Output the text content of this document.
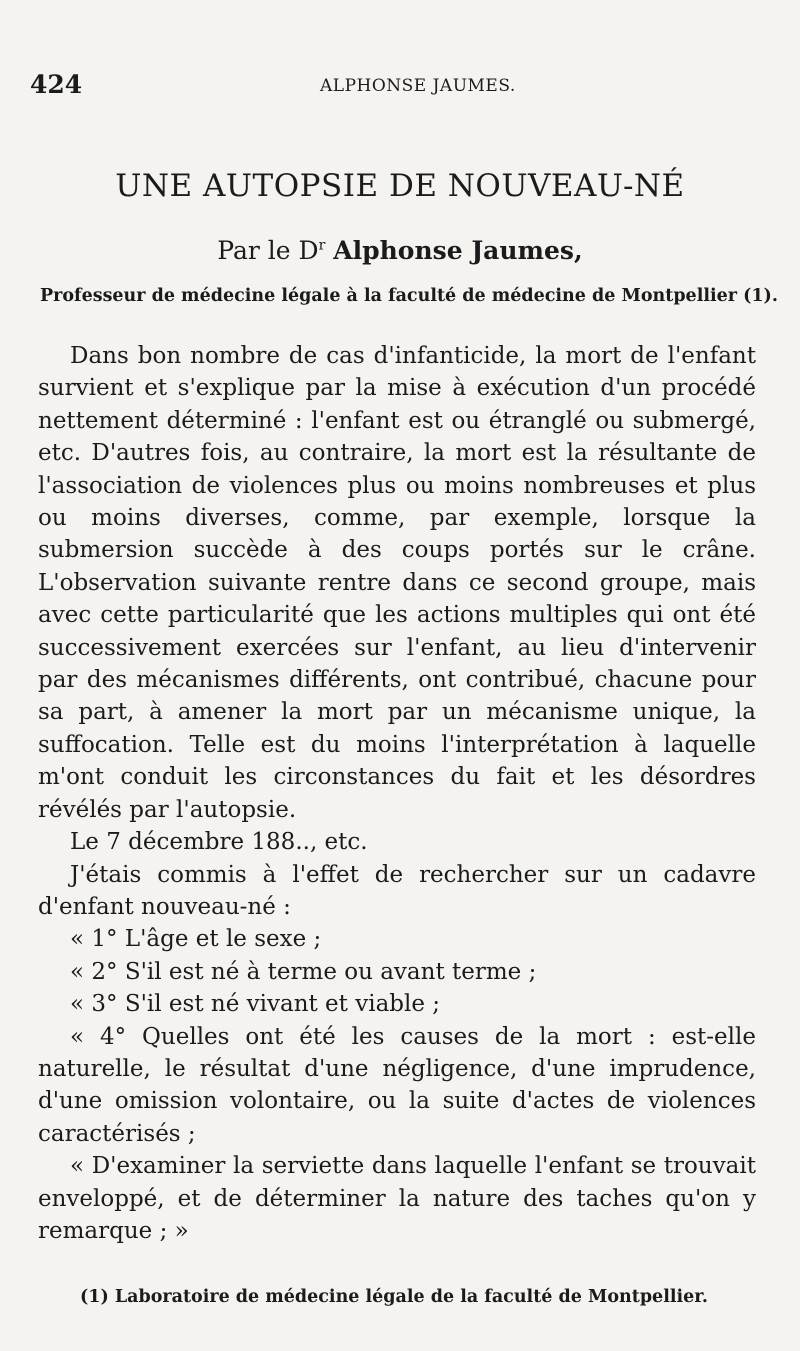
424	ALPHONSE JAUMES.
UNE AUTOPSIE DE NOUVEAU-NÉ
Par le $D^r$ Alphonse Jaumes,
Professeur de médecine légale à la faculté de médecine de Montpellier (1).

Dans bon nombre de cas d'infanticide, la mort de l'enfant survient et s'explique par la mise à exécution d'un procédé nettement déterminé : l'enfant est ou étranglé ou submergé, etc. D'autres fois, au contraire, la mort est la résultante de l'association de violences plus ou moins nombreuses et plus ou moins diverses, comme, par exemple, lorsque la submersion succède à des coups portés sur le crâne. L'observation suivante rentre dans ce second groupe, mais avec cette particularité que les actions multiples qui ont été successivement exercées sur l'enfant, au lieu d'intervenir par des mécanismes différents, ont contribué, chacune pour sa part, à amener la mort par un mécanisme unique, la suffocation. Telle est du moins l'interprétation à laquelle m'ont conduit les circonstances du fait et les désordres révélés par l'autopsie.

Le 7 décembre 188.., etc.

J'étais commis à l'effet de rechercher sur un cadavre d'enfant nouveau-né :

« 1° L'âge et le sexe ;

« 2° S'il est né à terme ou avant terme ;

« 3° S'il est né vivant et viable ;

« 4° Quelles ont été les causes de la mort : est-elle naturelle, le résultat d'une négligence, d'une imprudence, d'une omission volontaire, ou la suite d'actes de violences caractérisés ;

« D'examiner la serviette dans laquelle l'enfant se trouvait enveloppé, et de déterminer la nature des taches qu'on y remarque ; »

(1) Laboratoire de médecine légale de la faculté de Montpellier.
